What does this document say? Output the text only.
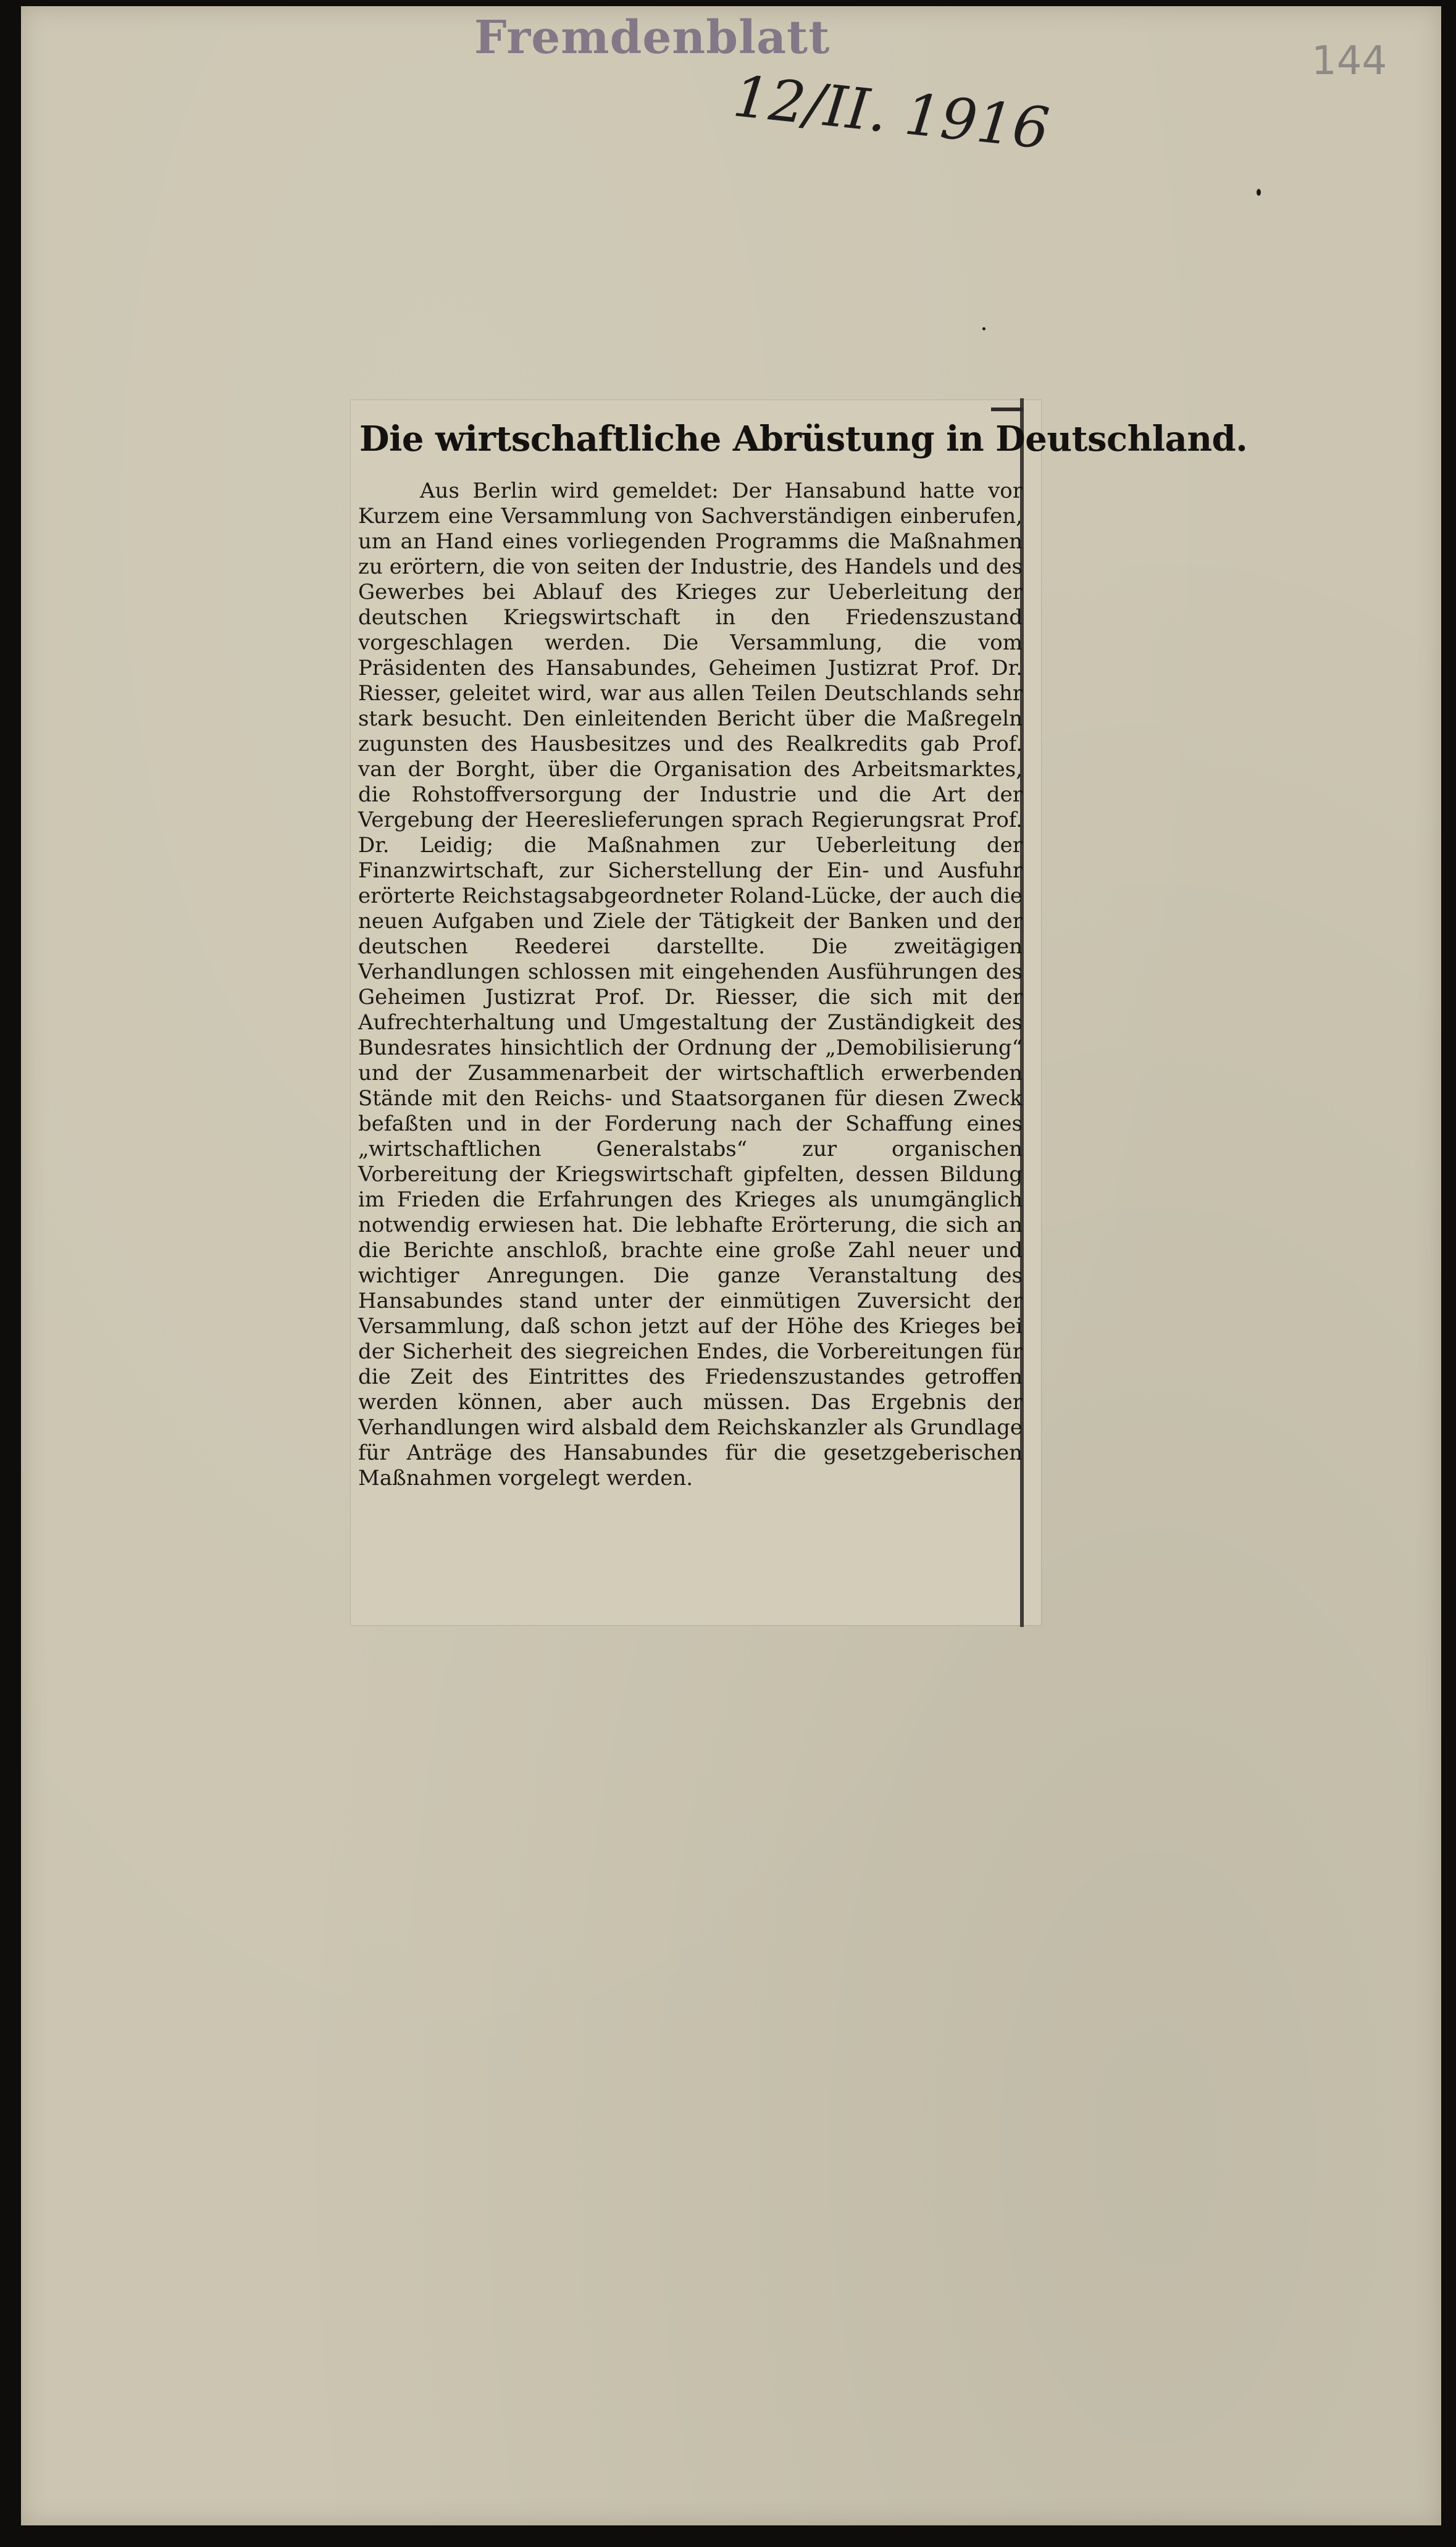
Fremdenblatt
12/II. 1916
144
Die wirtschaftliche Abrüstung in Deutschland.

Aus Berlin wird gemeldet: Der Hansabund hatte vor Kurzem eine Versammlung von Sachverständigen einberufen, um an Hand eines vorliegenden Programms die Maßnahmen zu erörtern, die von seiten der Industrie, des Handels und des Gewerbes bei Ablauf des Krieges zur Ueberleitung der deutschen Kriegswirtschaft in den Friedenszustand vorgeschlagen werden. Die Versammlung, die vom Präsidenten des Hansabundes, Geheimen Justizrat Prof. Dr. Riesser, geleitet wird, war aus allen Teilen Deutschlands sehr stark besucht. Den einleitenden Bericht über die Maßregeln zugunsten des Hausbesitzes und des Realkredits gab Prof. van der Borght, über die Organisation des Arbeitsmarktes, die Rohstoffversorgung der Industrie und die Art der Vergebung der Heereslieferungen sprach Regierungsrat Prof. Dr. Leidig; die Maßnahmen zur Ueberleitung der Finanzwirtschaft, zur Sicherstellung der Ein- und Ausfuhr erörterte Reichstagsabgeordneter Roland-Lücke, der auch die neuen Aufgaben und Ziele der Tätigkeit der Banken und der deutschen Reederei darstellte. Die zweitägigen Verhandlungen schlossen mit eingehenden Ausführungen des Geheimen Justizrat Prof. Dr. Riesser, die sich mit der Aufrechterhaltung und Umgestaltung der Zuständigkeit des Bundesrates hinsichtlich der Ordnung der „Demobilisierung“ und der Zusammenarbeit der wirtschaftlich erwerbenden Stände mit den Reichs- und Staatsorganen für diesen Zweck befaßten und in der Forderung nach der Schaffung eines „wirtschaftlichen Generalstabs“ zur organischen Vorbereitung der Kriegswirtschaft gipfelten, dessen Bildung im Frieden die Erfahrungen des Krieges als unumgänglich notwendig erwiesen hat. Die lebhafte Erörterung, die sich an die Berichte anschloß, brachte eine große Zahl neuer und wichtiger Anregungen. Die ganze Veranstaltung des Hansabundes stand unter der einmütigen Zuversicht der Versammlung, daß schon jetzt auf der Höhe des Krieges bei der Sicherheit des siegreichen Endes, die Vorbereitungen für die Zeit des Eintrittes des Friedenszustandes getroffen werden können, aber auch müssen. Das Ergebnis der Verhandlungen wird alsbald dem Reichskanzler als Grundlage für Anträge des Hansabundes für die gesetzgeberischen Maßnahmen vorgelegt werden.
